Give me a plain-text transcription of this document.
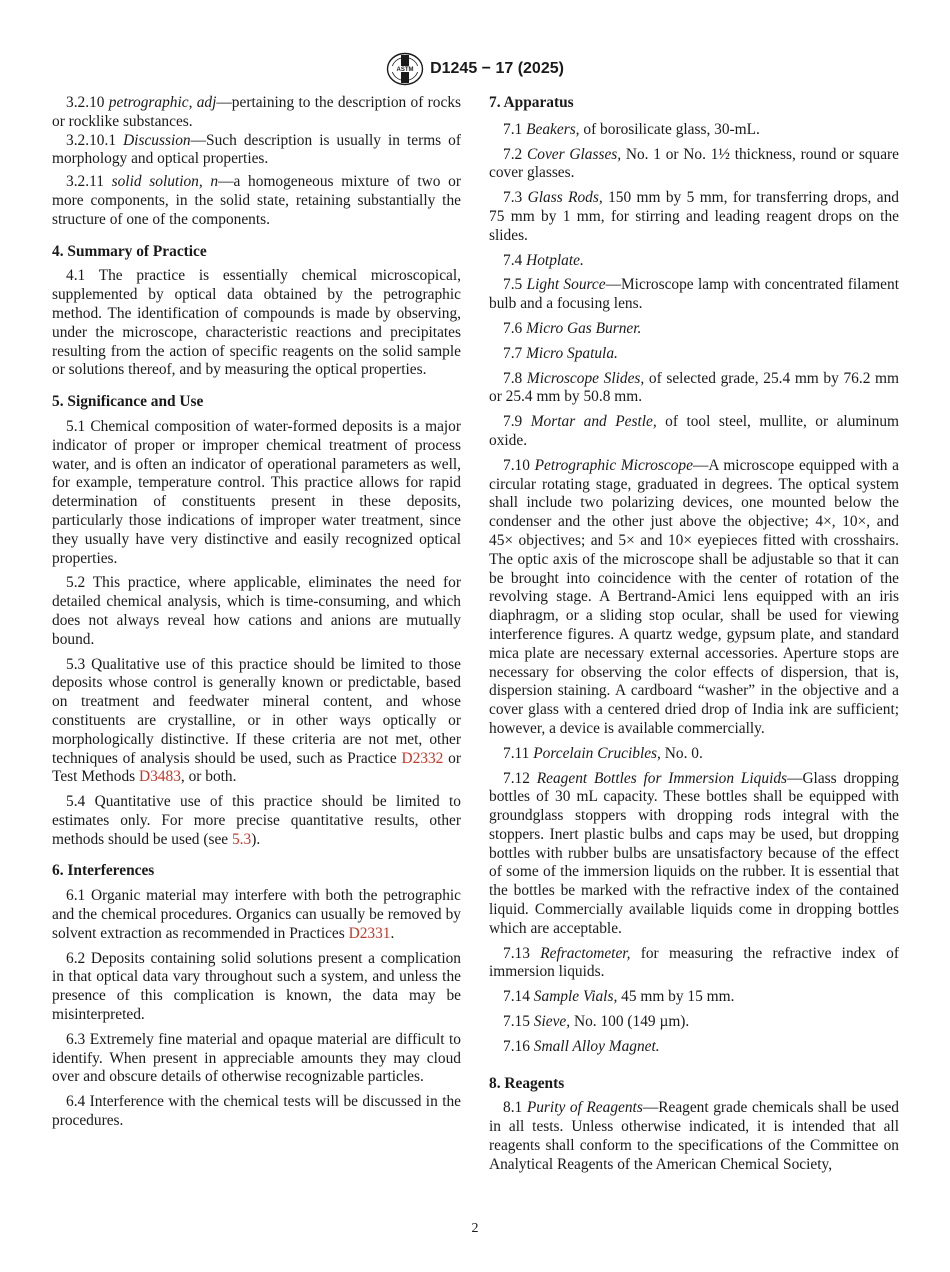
ASTM D1245 − 17 (2025)

3.2.10 petrographic, adj—pertaining to the description of rocks or rocklike substances.

3.2.10.1 Discussion—Such description is usually in terms of morphology and optical properties.

3.2.11 solid solution, n—a homogeneous mixture of two or more components, in the solid state, retaining substantially the structure of one of the components.

4. Summary of Practice

4.1 The practice is essentially chemical microscopical, supplemented by optical data obtained by the petrographic method. The identification of compounds is made by observing, under the microscope, characteristic reactions and precipitates resulting from the action of specific reagents on the solid sample or solutions thereof, and by measuring the optical properties.

5. Significance and Use

5.1 Chemical composition of water-formed deposits is a major indicator of proper or improper chemical treatment of process water, and is often an indicator of operational parameters as well, for example, temperature control. This practice allows for rapid determination of constituents present in these deposits, particularly those indications of improper water treatment, since they usually have very distinctive and easily recognized optical properties.

5.2 This practice, where applicable, eliminates the need for detailed chemical analysis, which is time-consuming, and which does not always reveal how cations and anions are mutually bound.

5.3 Qualitative use of this practice should be limited to those deposits whose control is generally known or predictable, based on treatment and feedwater mineral content, and whose constituents are crystalline, or in other ways optically or morphologically distinctive. If these criteria are not met, other techniques of analysis should be used, such as Practice D2332 or Test Methods D3483, or both.

5.4 Quantitative use of this practice should be limited to estimates only. For more precise quantitative results, other methods should be used (see 5.3).

6. Interferences

6.1 Organic material may interfere with both the petrographic and the chemical procedures. Organics can usually be removed by solvent extraction as recommended in Practices D2331.

6.2 Deposits containing solid solutions present a complication in that optical data vary throughout such a system, and unless the presence of this complication is known, the data may be misinterpreted.

6.3 Extremely fine material and opaque material are difficult to identify. When present in appreciable amounts they may cloud over and obscure details of otherwise recognizable particles.

6.4 Interference with the chemical tests will be discussed in the procedures.

7. Apparatus

7.1 Beakers, of borosilicate glass, 30-mL.

7.2 Cover Glasses, No. 1 or No. 1½ thickness, round or square cover glasses.

7.3 Glass Rods, 150 mm by 5 mm, for transferring drops, and 75 mm by 1 mm, for stirring and leading reagent drops on the slides.

7.4 Hotplate.

7.5 Light Source—Microscope lamp with concentrated filament bulb and a focusing lens.

7.6 Micro Gas Burner.

7.7 Micro Spatula.

7.8 Microscope Slides, of selected grade, 25.4 mm by 76.2 mm or 25.4 mm by 50.8 mm.

7.9 Mortar and Pestle, of tool steel, mullite, or aluminum oxide.

7.10 Petrographic Microscope—A microscope equipped with a circular rotating stage, graduated in degrees. The optical system shall include two polarizing devices, one mounted below the condenser and the other just above the objective; 4×, 10×, and 45× objectives; and 5× and 10× eyepieces fitted with crosshairs. The optic axis of the microscope shall be adjustable so that it can be brought into coincidence with the center of rotation of the revolving stage. A Bertrand-Amici lens equipped with an iris diaphragm, or a sliding stop ocular, shall be used for viewing interference figures. A quartz wedge, gypsum plate, and standard mica plate are necessary external accessories. Aperture stops are necessary for observing the color effects of dispersion, that is, dispersion staining. A cardboard “washer” in the objective and a cover glass with a centered dried drop of India ink are sufficient; however, a device is available commercially.

7.11 Porcelain Crucibles, No. 0.

7.12 Reagent Bottles for Immersion Liquids—Glass dropping bottles of 30 mL capacity. These bottles shall be equipped with groundglass stoppers with dropping rods integral with the stoppers. Inert plastic bulbs and caps may be used, but dropping bottles with rubber bulbs are unsatisfactory because of the effect of some of the immersion liquids on the rubber. It is essential that the bottles be marked with the refractive index of the contained liquid. Commercially available liquids come in dropping bottles which are acceptable.

7.13 Refractometer, for measuring the refractive index of immersion liquids.

7.14 Sample Vials, 45 mm by 15 mm.

7.15 Sieve, No. 100 (149 µm).

7.16 Small Alloy Magnet.

8. Reagents

8.1 Purity of Reagents—Reagent grade chemicals shall be used in all tests. Unless otherwise indicated, it is intended that all reagents shall conform to the specifications of the Committee on Analytical Reagents of the American Chemical Society,

2
